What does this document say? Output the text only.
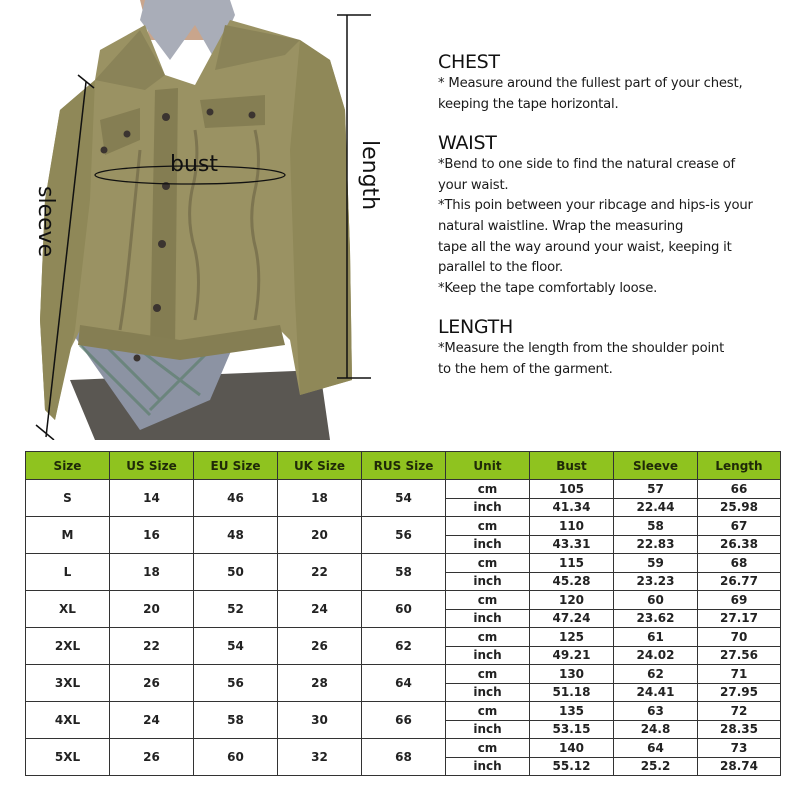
bust	length
sleeve
CHEST

* Measure around the fullest part of your chest,

keeping the tape horizontal.

WAIST

*Bend to one side to find the natural crease of

your waist.

*This poin between your ribcage and hips-is your

natural waistline. Wrap the measuring

tape all the way around your waist, keeping it

parallel to the floor.

*Keep the tape comfortably loose.

LENGTH

*Measure the length from the shoulder point

to the hem of the garment.

Size	US Size	EU Size	UK Size	RUS Size	Unit	Bust	Sleeve	Length
S	14	46	18	54	cm	105	57	66
					inch	41.34	22.44	25.98
M	16	48	20	56	cm	110	58	67
					inch	43.31	22.83	26.38
L	18	50	22	58	cm	115	59	68
					inch	45.28	23.23	26.77
XL	20	52	24	60	cm	120	60	69
					inch	47.24	23.62	27.17
2XL	22	54	26	62	cm	125	61	70
					inch	49.21	24.02	27.56
3XL	26	56	28	64	cm	130	62	71
					inch	51.18	24.41	27.95
4XL	24	58	30	66	cm	135	63	72
					inch	53.15	24.8	28.35
5XL	26	60	32	68	cm	140	64	73
					inch	55.12	25.2	28.74
